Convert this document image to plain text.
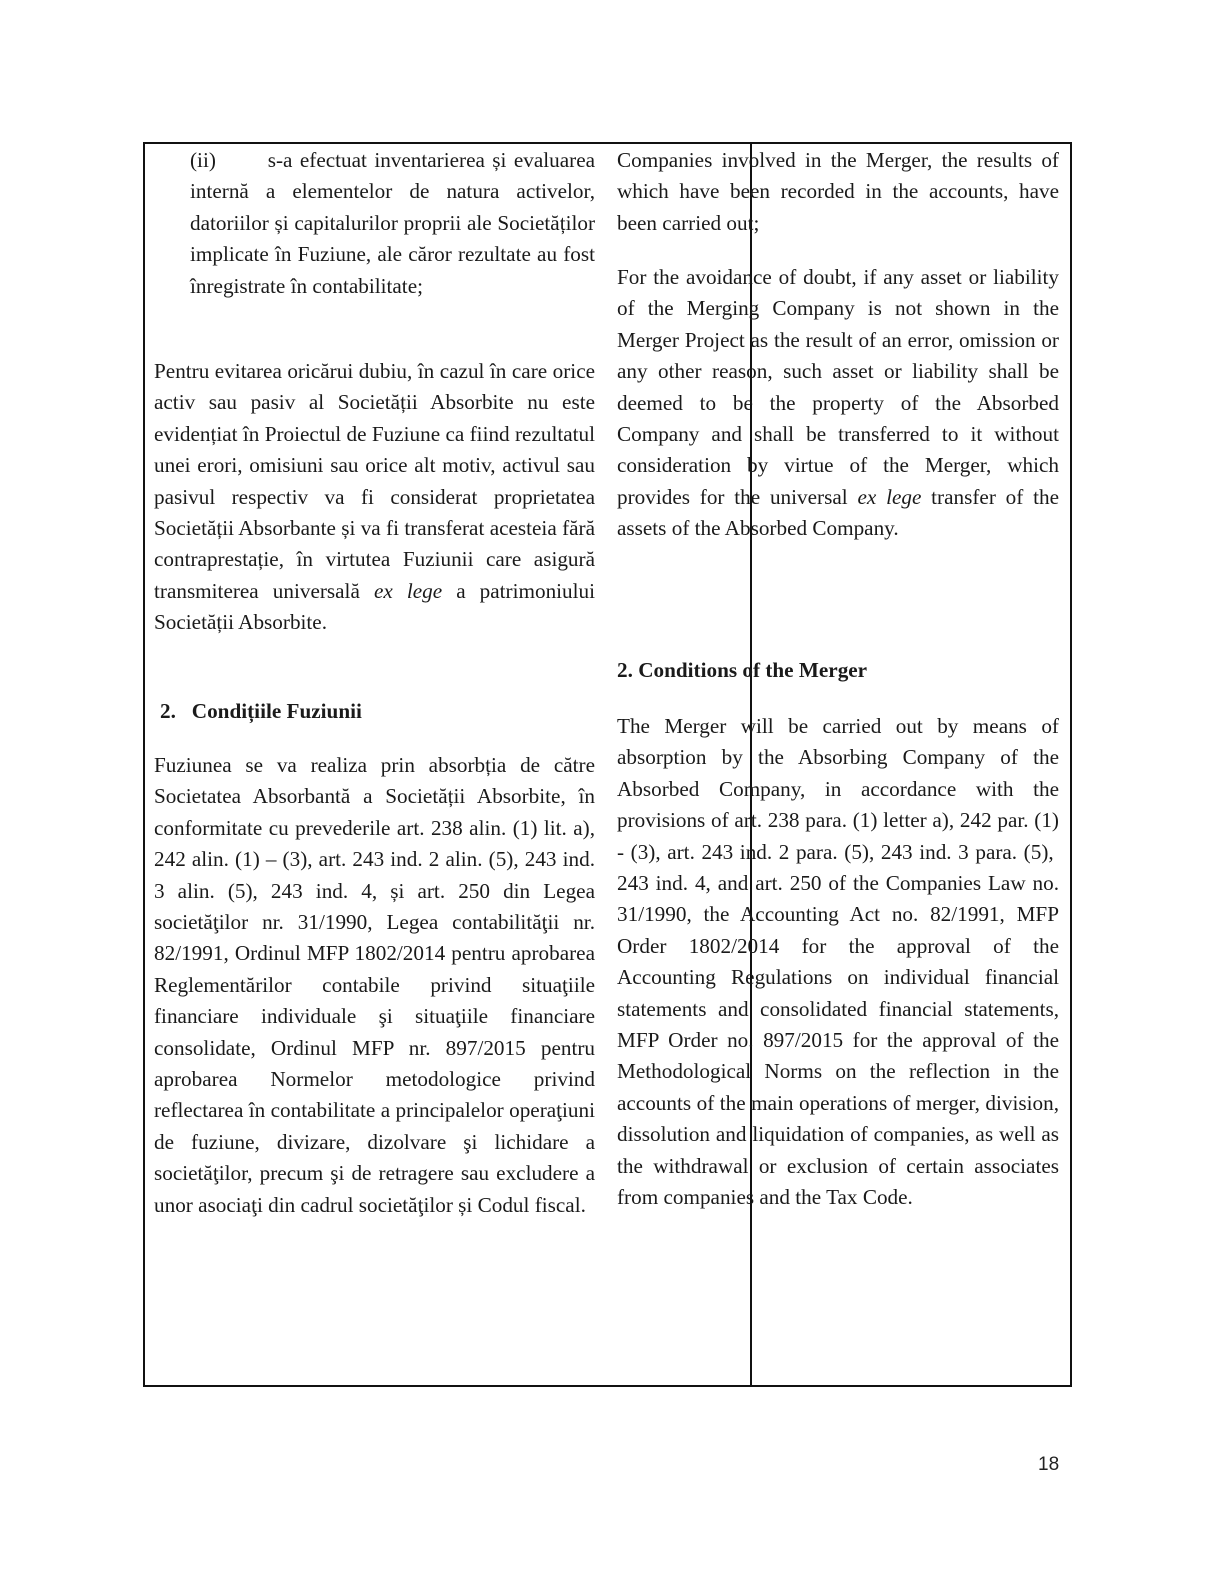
(ii)       s-a efectuat inventarierea și evaluarea internă a elementelor de natura activelor, datoriilor și capitalurilor proprii ale Societăților implicate în Fuziune, ale căror rezultate au fost înregistrate în contabilitate;

Pentru evitarea oricărui dubiu, în cazul în care orice activ sau pasiv al Societății Absorbite nu este evidențiat în Proiectul de Fuziune ca fiind rezultatul unei erori, omisiuni sau orice alt motiv, activul sau pasivul respectiv va fi considerat proprietatea Societății Absorbante și va fi transferat acesteia fără contraprestație, în virtutea Fuziunii care asigură transmiterea universală ex lege a patrimoniului Societății Absorbite.

2.   Condițiile Fuziunii

Fuziunea se va realiza prin absorbția de către Societatea Absorbantă a Societății Absorbite, în conformitate cu prevederile art. 238 alin. (1) lit. a), 242 alin. (1) – (3), art. 243 ind. 2 alin. (5), 243 ind. 3 alin. (5), 243 ind. 4, și art. 250 din Legea societăţilor nr. 31/1990, Legea contabilităţii nr. 82/1991, Ordinul MFP 1802/2014 pentru aprobarea Reglementărilor contabile privind situaţiile financiare individuale şi situaţiile financiare consolidate, Ordinul MFP nr. 897/2015 pentru aprobarea Normelor metodologice privind reflectarea în contabilitate a principalelor operaţiuni de fuziune, divizare, dizolvare şi lichidare a societăţilor, precum şi de retragere sau excludere a unor asociaţi din cadrul societăţilor și Codul fiscal.

Companies involved in the Merger, the results of which have been recorded in the accounts, have been carried out;

For the avoidance of doubt, if any asset or liability of the Merging Company is not shown in the Merger Project as the result of an error, omission or any other reason, such asset or liability shall be deemed to be the property of the Absorbed Company and shall be transferred to it without consideration by virtue of the Merger, which provides for the universal ex lege transfer of the assets of the Absorbed Company.

2. Conditions of the Merger

The Merger will be carried out by means of absorption by the Absorbing Company of the Absorbed Company, in accordance with the provisions of art. 238 para. (1) letter a), 242 par. (1) - (3), art. 243 ind. 2 para. (5), 243 ind. 3 para. (5),  243 ind. 4, and art. 250 of the Companies Law no. 31/1990, the Accounting Act no. 82/1991, MFP Order 1802/2014 for the approval of the Accounting Regulations on individual financial statements and consolidated financial statements, MFP Order no. 897/2015 for the approval of the Methodological Norms on the reflection in the accounts of the main operations of merger, division, dissolution and liquidation of companies, as well as the withdrawal or exclusion of certain associates from companies and the Tax Code.

18
